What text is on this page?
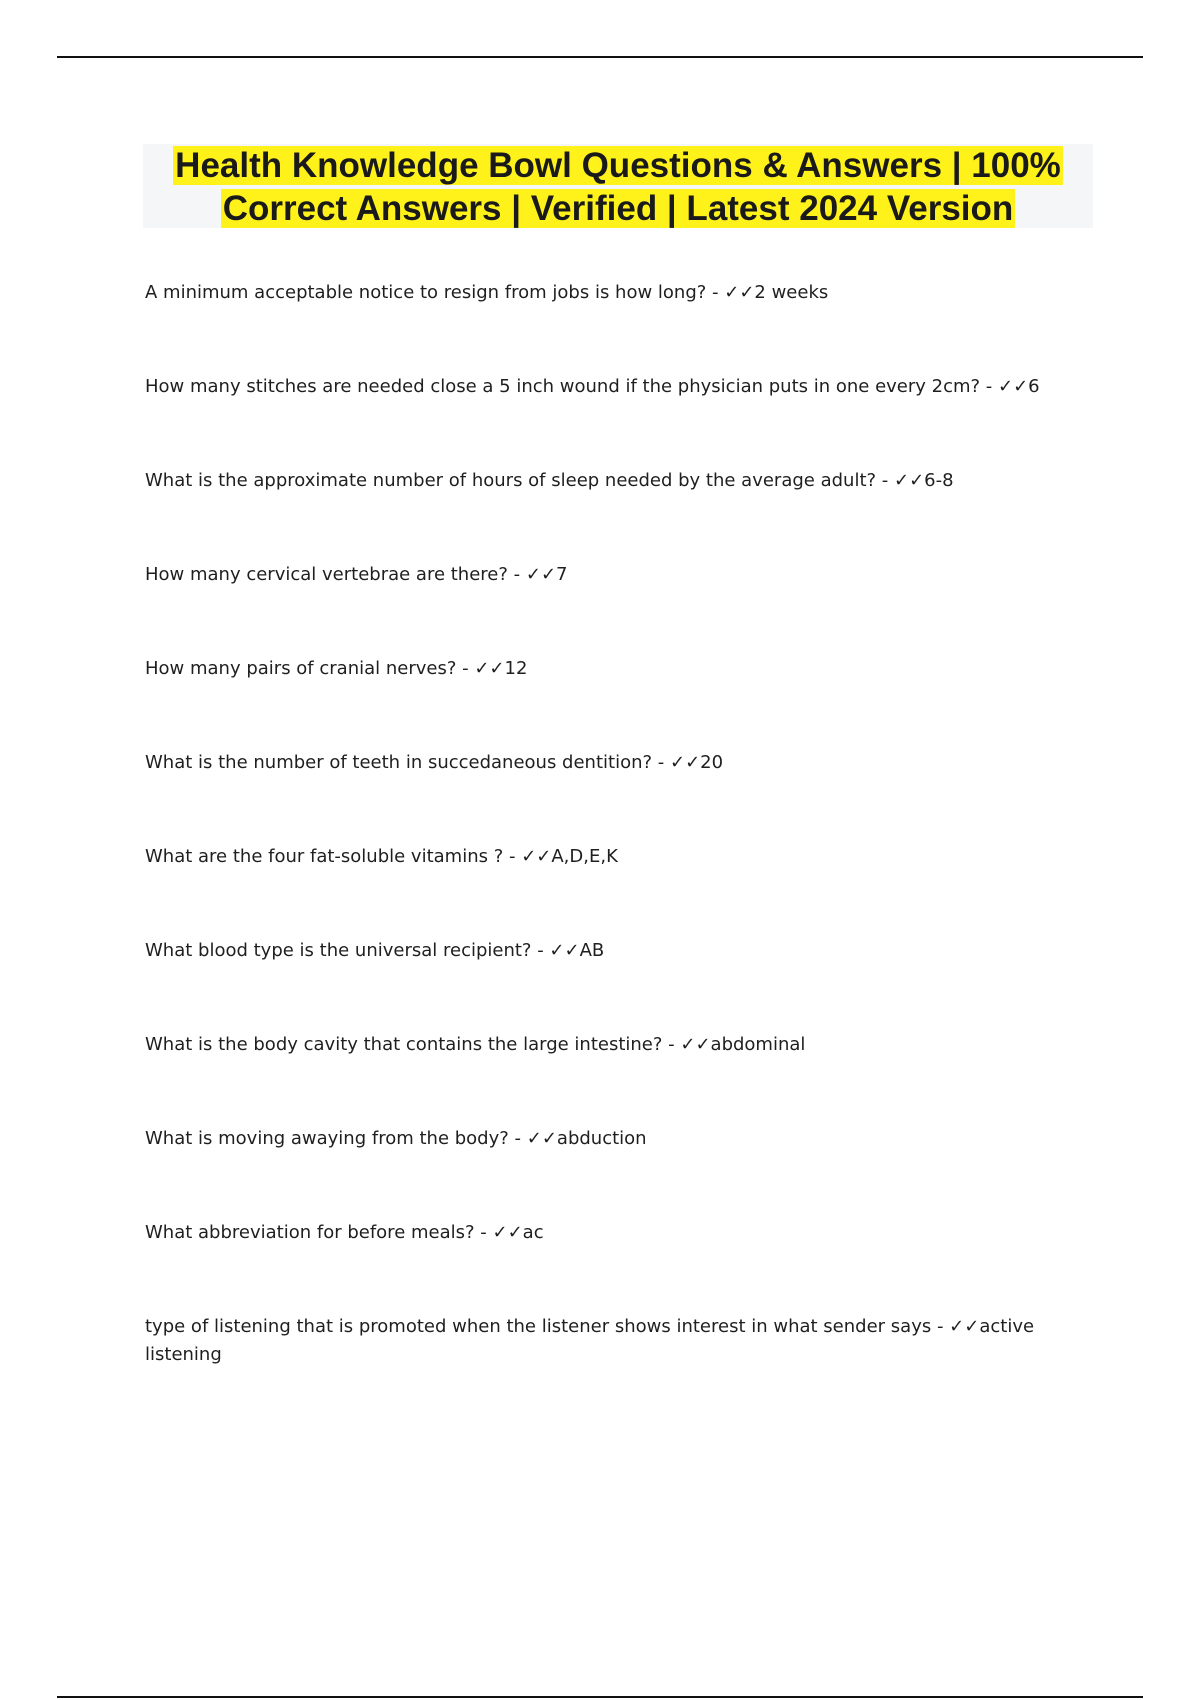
Health Knowledge Bowl Questions & Answers | 100% Correct Answers | Verified | Latest 2024 Version
A minimum acceptable notice to resign from jobs is how long? - ✓✓2 weeks
How many stitches are needed close a 5 inch wound if the physician puts in one every 2cm? - ✓✓6
What is the approximate number of hours of sleep needed by the average adult? - ✓✓6-8
How many cervical vertebrae are there? - ✓✓7
How many pairs of cranial nerves? - ✓✓12
What is the number of teeth in succedaneous dentition? - ✓✓20
What are the four fat-soluble vitamins ? - ✓✓A,D,E,K
What blood type is the universal recipient? - ✓✓AB
What is the body cavity that contains the large intestine? - ✓✓abdominal
What is moving awaying from the body? - ✓✓abduction
What abbreviation for before meals? - ✓✓ac
type of listening that is promoted when the listener shows interest in what sender says - ✓✓active listening
